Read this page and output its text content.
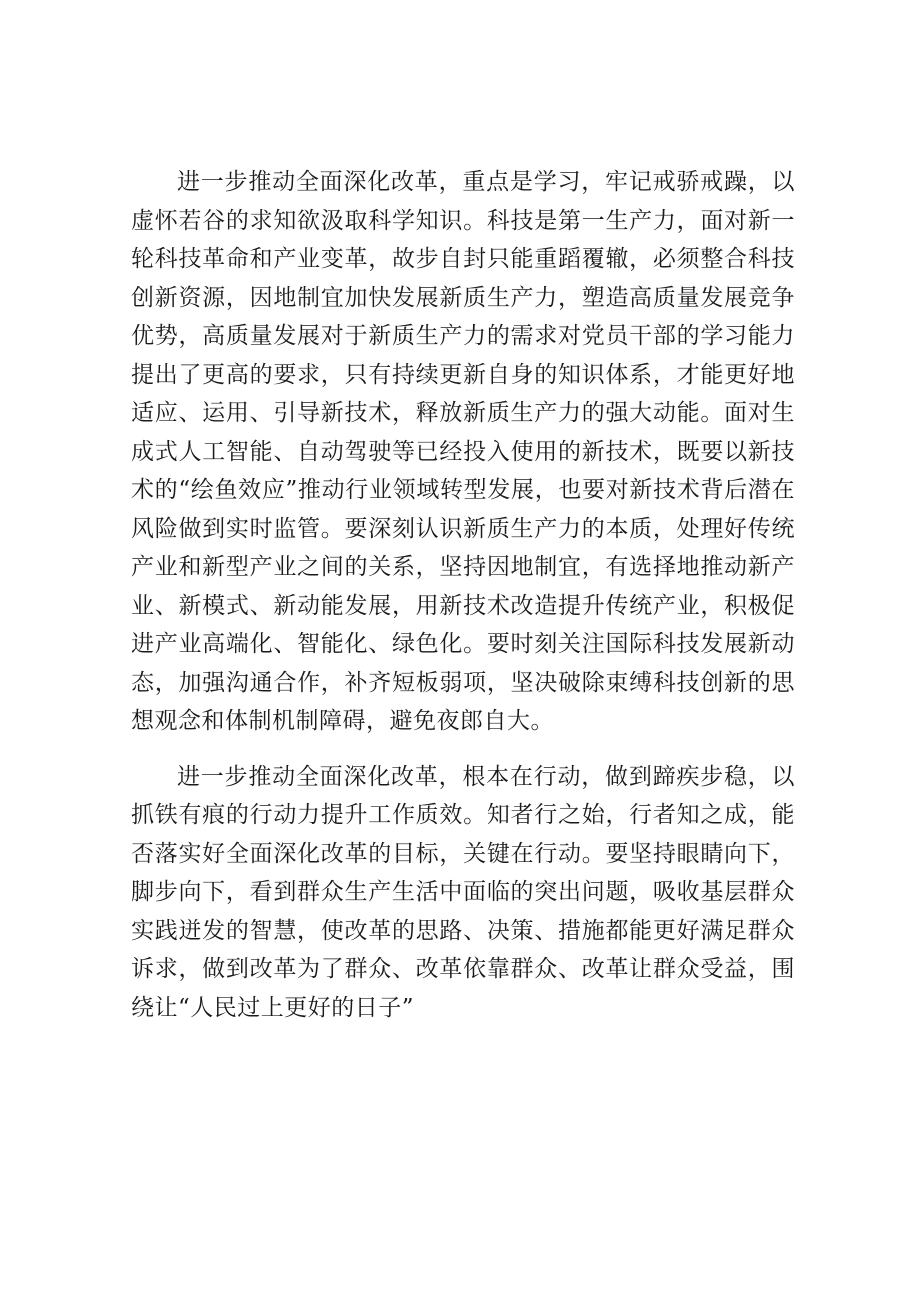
进一步推动全面深化改革，重点是学习，牢记戒骄戒躁，以虚怀若谷的求知欲汲取科学知识。科技是第一生产力，面对新一轮科技革命和产业变革，故步自封只能重蹈覆辙，必须整合科技创新资源，因地制宜加快发展新质生产力，塑造高质量发展竞争优势，高质量发展对于新质生产力的需求对党员干部的学习能力提出了更高的要求，只有持续更新自身的知识体系，才能更好地适应、运用、引导新技术，释放新质生产力的强大动能。面对生成式人工智能、自动驾驶等已经投入使用的新技术，既要以新技术的“绘鱼效应”推动行业领域转型发展，也要对新技术背后潜在风险做到实时监管。要深刻认识新质生产力的本质，处理好传统产业和新型产业之间的关系，坚持因地制宜，有选择地推动新产业、新模式、新动能发展，用新技术改造提升传统产业，积极促进产业高端化、智能化、绿色化。要时刻关注国际科技发展新动态，加强沟通合作，补齐短板弱项，坚决破除束缚科技创新的思想观念和体制机制障碍，避免夜郎自大。

进一步推动全面深化改革，根本在行动，做到蹄疾步稳，以抓铁有痕的行动力提升工作质效。知者行之始，行者知之成，能否落实好全面深化改革的目标，关键在行动。要坚持眼睛向下，脚步向下，看到群众生产生活中面临的突出问题，吸收基层群众实践迸发的智慧，使改革的思路、决策、措施都能更好满足群众诉求，做到改革为了群众、改革依靠群众、改革让群众受益，围绕让“人民过上更好的日子”
